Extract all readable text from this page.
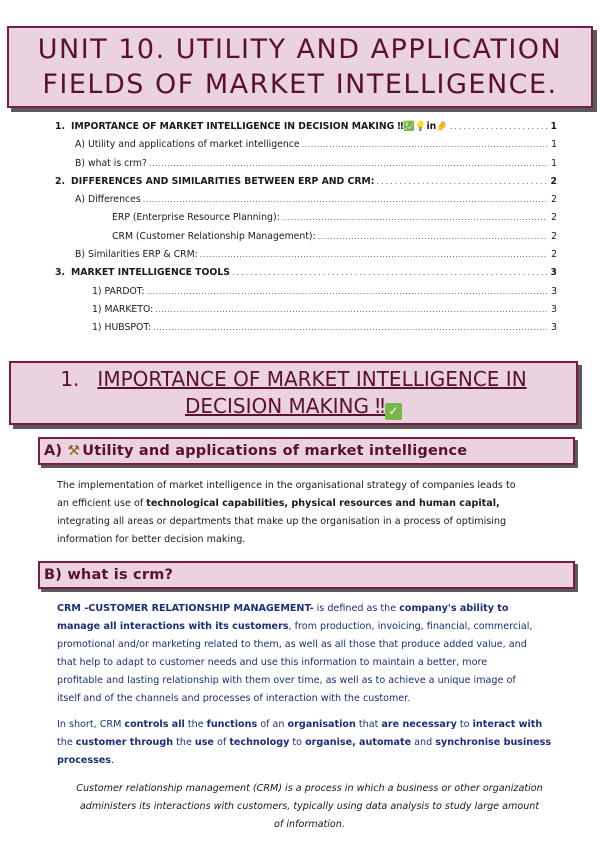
UNIT 10. UTILITY AND APPLICATION
FIELDS OF MARKET INTELLIGENCE.
1. IMPORTANCE OF MARKET INTELLIGENCE IN DECISION MAKING ‼💹💡in🤌 .....	1
A) Utility and applications of market intelligence .....	1
B) what is crm? .....	1
2. DIFFERENCES AND SIMILARITIES BETWEEN ERP AND CRM: .....	2
A) Differences .....	2
ERP (Enterprise Resource Planning): .....	2
CRM (Customer Relationship Management): .....	2
B) Similarities ERP & CRM: .....	2
3. MARKET INTELLIGENCE TOOLS .....	3
1) PARDOT: .....	3
1) MARKETO: .....	3
1) HUBSPOT: .....	3
1. IMPORTANCE OF MARKET INTELLIGENCE IN
DECISION MAKING ‼ ✓
A) ⚒ Utility and applications of market intelligence
The implementation of market intelligence in the organisational strategy of companies leads to
an efficient use of technological capabilities, physical resources and human capital,
integrating all areas or departments that make up the organisation in a process of optimising
information for better decision making.
B) what is crm?
CRM -CUSTOMER RELATIONSHIP MANAGEMENT- is defined as the company's ability to
manage all interactions with its customers, from production, invoicing, financial, commercial,
promotional and/or marketing related to them, as well as all those that produce added value, and
that help to adapt to customer needs and use this information to maintain a better, more
profitable and lasting relationship with them over time, as well as to achieve a unique image of
itself and of the channels and processes of interaction with the customer.
In short, CRM controls all the functions of an organisation that are necessary to interact with
the customer through the use of technology to organise, automate and synchronise business
processes.
Customer relationship management (CRM) is a process in which a business or other organization
administers its interactions with customers, typically using data analysis to study large amount
of information.
